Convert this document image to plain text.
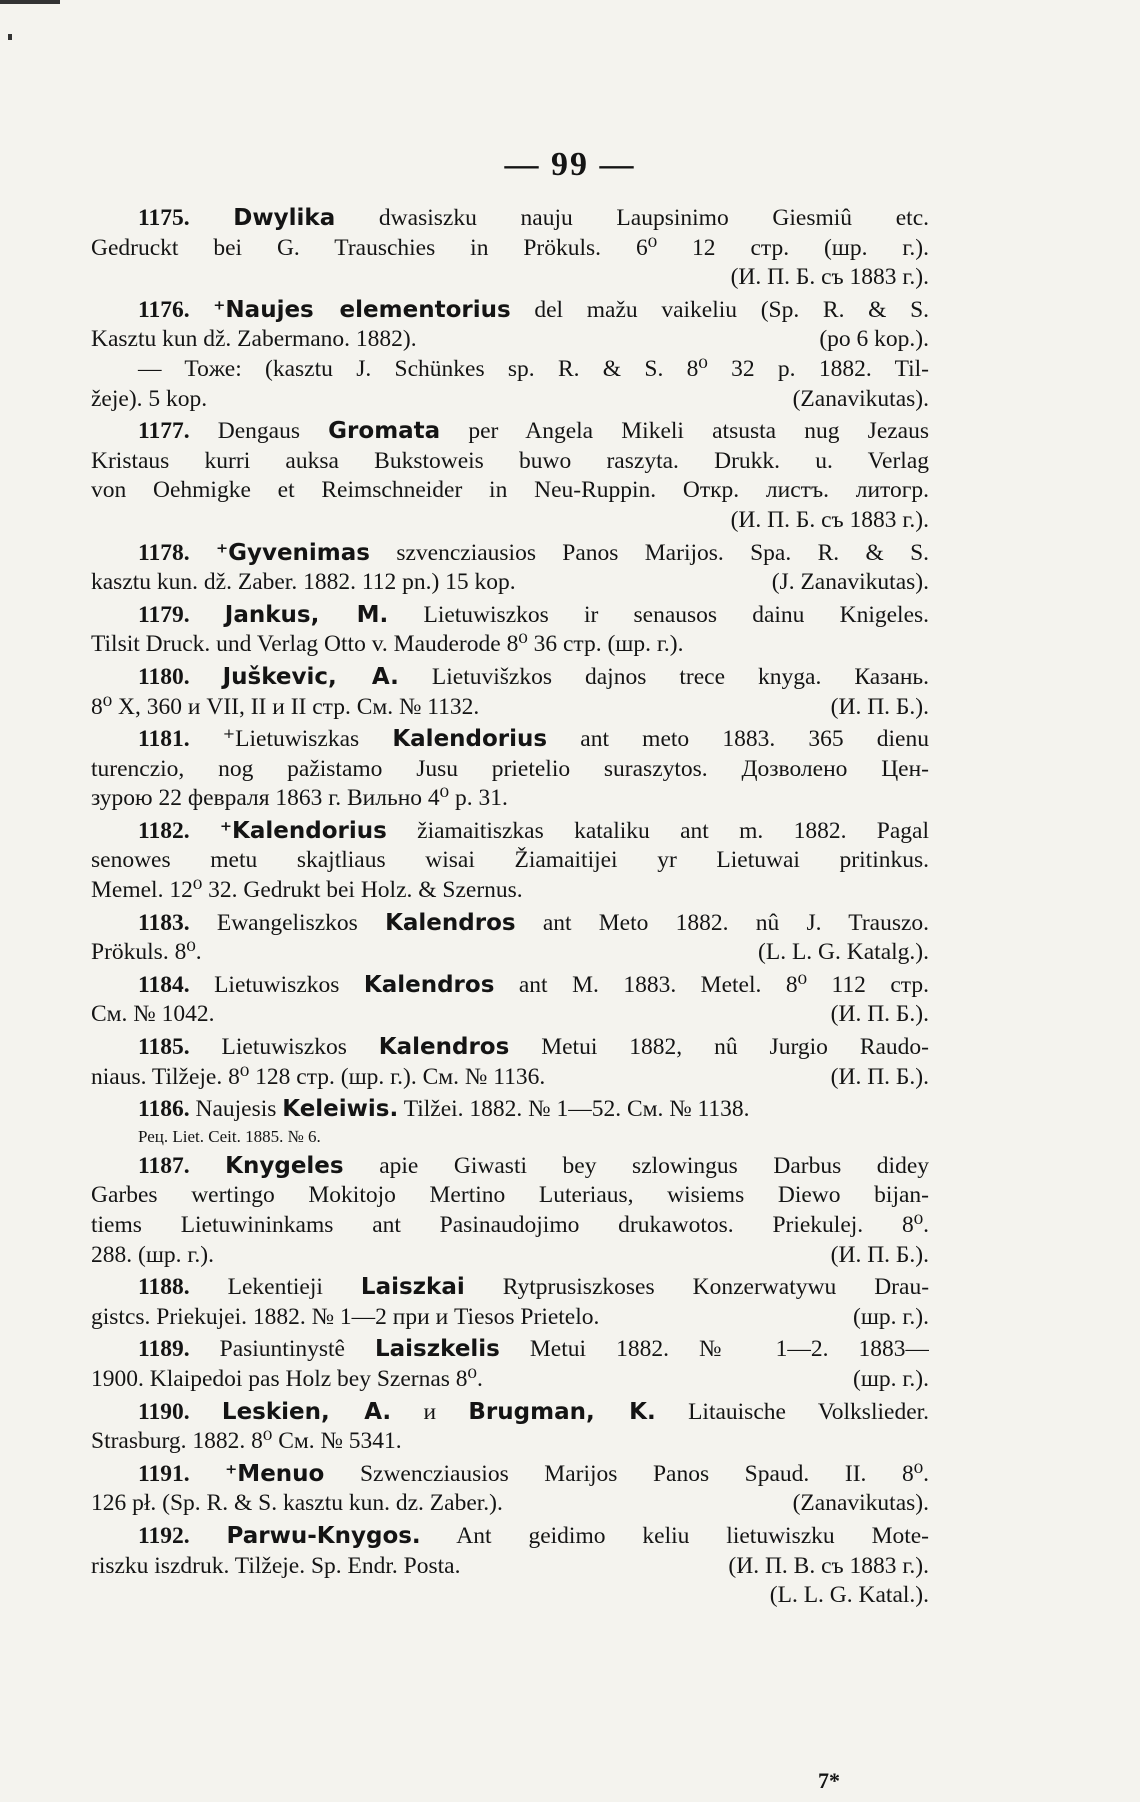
— 99 —
1175. Dwylika dwasiszku nauju Laupsinimo Giesmiû etc.
Gedruckt bei G. Trauschies in Prökuls. 6⁰ 12 стр. (шр. г.).
(И. П. Б. съ 1883 г.).
1176. ⁺Naujes elementorius del mažu vaikeliu (Sp. R. & S.
Kasztu kun dž. Zabermano. 1882).	(po 6 kop.).
— Toже: (kasztu J. Schünkes sp. R. & S. 8⁰ 32 p. 1882. Til-
žeje). 5 kop.	(Zanavikutas).
1177. Dengaus Gromata per Angela Mikeli atsusta nug Jezaus
Kristaus kurri auksa Bukstoweis buwo raszyta. Drukk. u. Verlag
von Oehmigke et Reimschneider in Neu-Ruppin. Откр. листъ. литогр.
(И. П. Б. съ 1883 г.).
1178. ⁺Gyvenimas szvencziausios Panos Marijos. Spa. R. & S.
kasztu kun. dž. Zaber. 1882. 112 pn.) 15 kop.	(J. Zanavikutas).
1179. Jankus, M. Lietuwiszkos ir senausos dainu Knigeles.
Tilsit Druck. und Verlag Otto v. Mauderode 8⁰ 36 стр. (шр. г.).
1180. Juškevic, A. Lietuvišzkos dajnos trece knyga. Казань.
8⁰ X, 360 и VII, II и II стр. См. № 1132.	(И. П. Б.).
1181. ⁺Lietuwiszkas Kalendorius ant meto 1883. 365 dienu
turenczio, nog pažistamo Jusu prietelio suraszytos. Дозволено Цен-
зурою 22 февраля 1863 г. Вильно 4⁰ p. 31.
1182. ⁺Kalendorius žiamaitiszkas kataliku ant m. 1882. Pagal
senowes metu skajtliaus wisai Žiamaitijei yr Lietuwai pritinkus.
Memel. 12⁰ 32. Gedrukt bei Holz. & Szernus.
1183. Ewangeliszkos Kalendros ant Meto 1882. nû J. Trauszo.
Prökuls. 8⁰.	(L. L. G. Katalg.).
1184. Lietuwiszkos Kalendros ant M. 1883. Metel. 8⁰ 112 стр.
См. № 1042.	(И. П. Б.).
1185. Lietuwiszkos Kalendros Metui 1882, nû Jurgio Raudo-
niaus. Tilžeje. 8⁰ 128 стр. (шр. г.). См. № 1136.	(И. П. Б.).
1186. Naujesis Keleiwis. Tilžei. 1882. № 1—52. См. № 1138.
Рец. Liet. Ceit. 1885. № 6.
1187. Knygeles apie Giwasti bey szlowingus Darbus didey
Garbes wertingo Mokitojo Mertino Luteriaus, wisiems Diewo bijan-
tiems Lietuwininkams ant Pasinaudojimo drukawotos. Priekulej. 8⁰.
288. (шр. г.).	(И. П. Б.).
1188. Lekentieji Laiszkai Rytprusiszkoses Konzerwatywu Drau-
gistcs. Priekujei. 1882. № 1—2 при и Tiesos Prietelo.	(шр. г.).
1189. Pasiuntinystê Laiszkelis Metui 1882. № 1—2. 1883—
1900. Klaipedoi pas Holz bey Szernas 8⁰.	(шр. г.).
1190. Leskien, A. и Brugman, K. Litauische Volkslieder.
Strasburg. 1882. 8⁰ См. № 5341.
1191. ⁺Menuo Szwencziausios Marijos Panos Spaud. II. 8⁰.
126 pł. (Sp. R. & S. kasztu kun. dz. Zaber.).	(Zanavikutas).
1192. Parwu-Knygos. Ant geidimo keliu lietuwiszku Mote-
riszku iszdruk. Tilžeje. Sp. Endr. Posta.	(И. П. В. съ 1883 г.).
(L. L. G. Katal.).
7*
